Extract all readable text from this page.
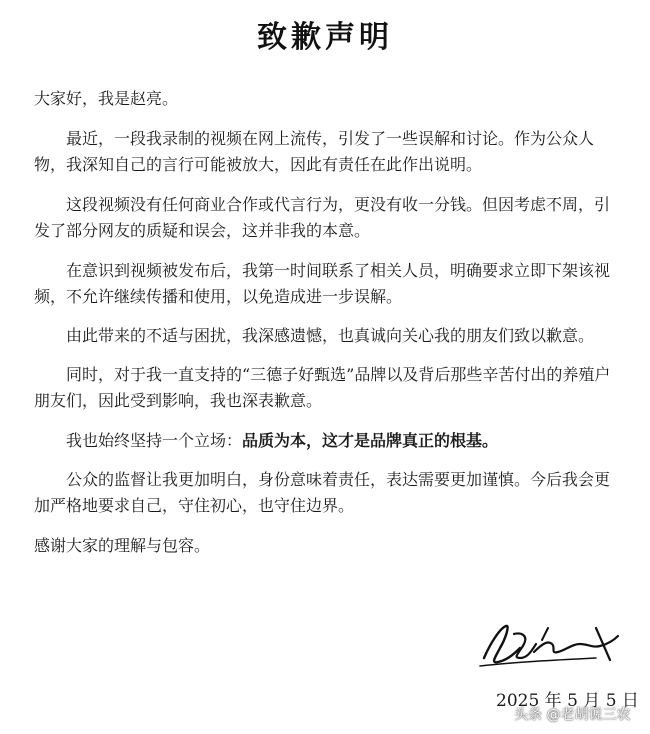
致歉声明

大家好，我是赵亮。

最近，一段我录制的视频在网上流传，引发了一些误解和讨论。作为公众人物，我深知自己的言行可能被放大，因此有责任在此作出说明。

这段视频没有任何商业合作或代言行为，更没有收一分钱。但因考虑不周，引发了部分网友的质疑和误会，这并非我的本意。

在意识到视频被发布后，我第一时间联系了相关人员，明确要求立即下架该视频，不允许继续传播和使用，以免造成进一步误解。

由此带来的不适与困扰，我深感遗憾，也真诚向关心我的朋友们致以歉意。

同时，对于我一直支持的“三德子好甄选”品牌以及背后那些辛苦付出的养殖户朋友们，因此受到影响，我也深表歉意。

我也始终坚持一个立场：品质为本，这才是品牌真正的根基。

公众的监督让我更加明白，身份意味着责任，表达需要更加谨慎。今后我会更加严格地要求自己，守住初心，也守住边界。

感谢大家的理解与包容。

2025 年 5 月 5 日
头条 @老胡说三农
